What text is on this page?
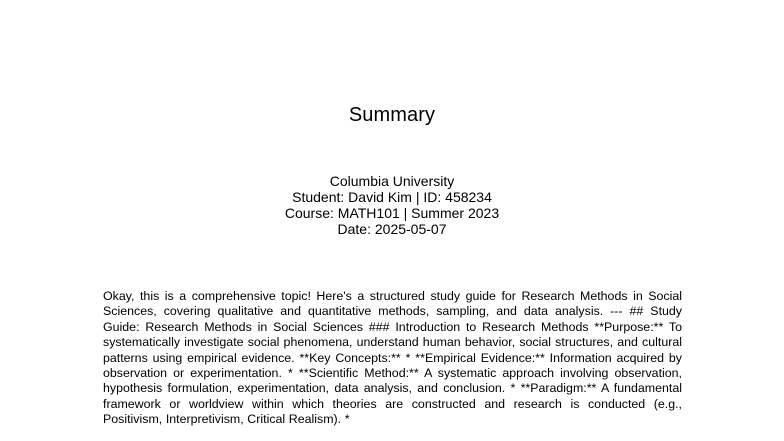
Summary
Columbia University
Student: David Kim | ID: 458234
Course: MATH101 | Summer 2023
Date: 2025-05-07
Okay, this is a comprehensive topic! Here's a structured study guide for Research Methods in Social Sciences, covering qualitative and quantitative methods, sampling, and data analysis. --- ## Study Guide: Research Methods in Social Sciences ### Introduction to Research Methods **Purpose:** To systematically investigate social phenomena, understand human behavior, social structures, and cultural patterns using empirical evidence. **Key Concepts:** * **Empirical Evidence:** Information acquired by observation or experimentation. * **Scientific Method:** A systematic approach involving observation, hypothesis formulation, experimentation, data analysis, and conclusion. * **Paradigm:** A fundamental framework or worldview within which theories are constructed and research is conducted (e.g., Positivism, Interpretivism, Critical Realism). *
